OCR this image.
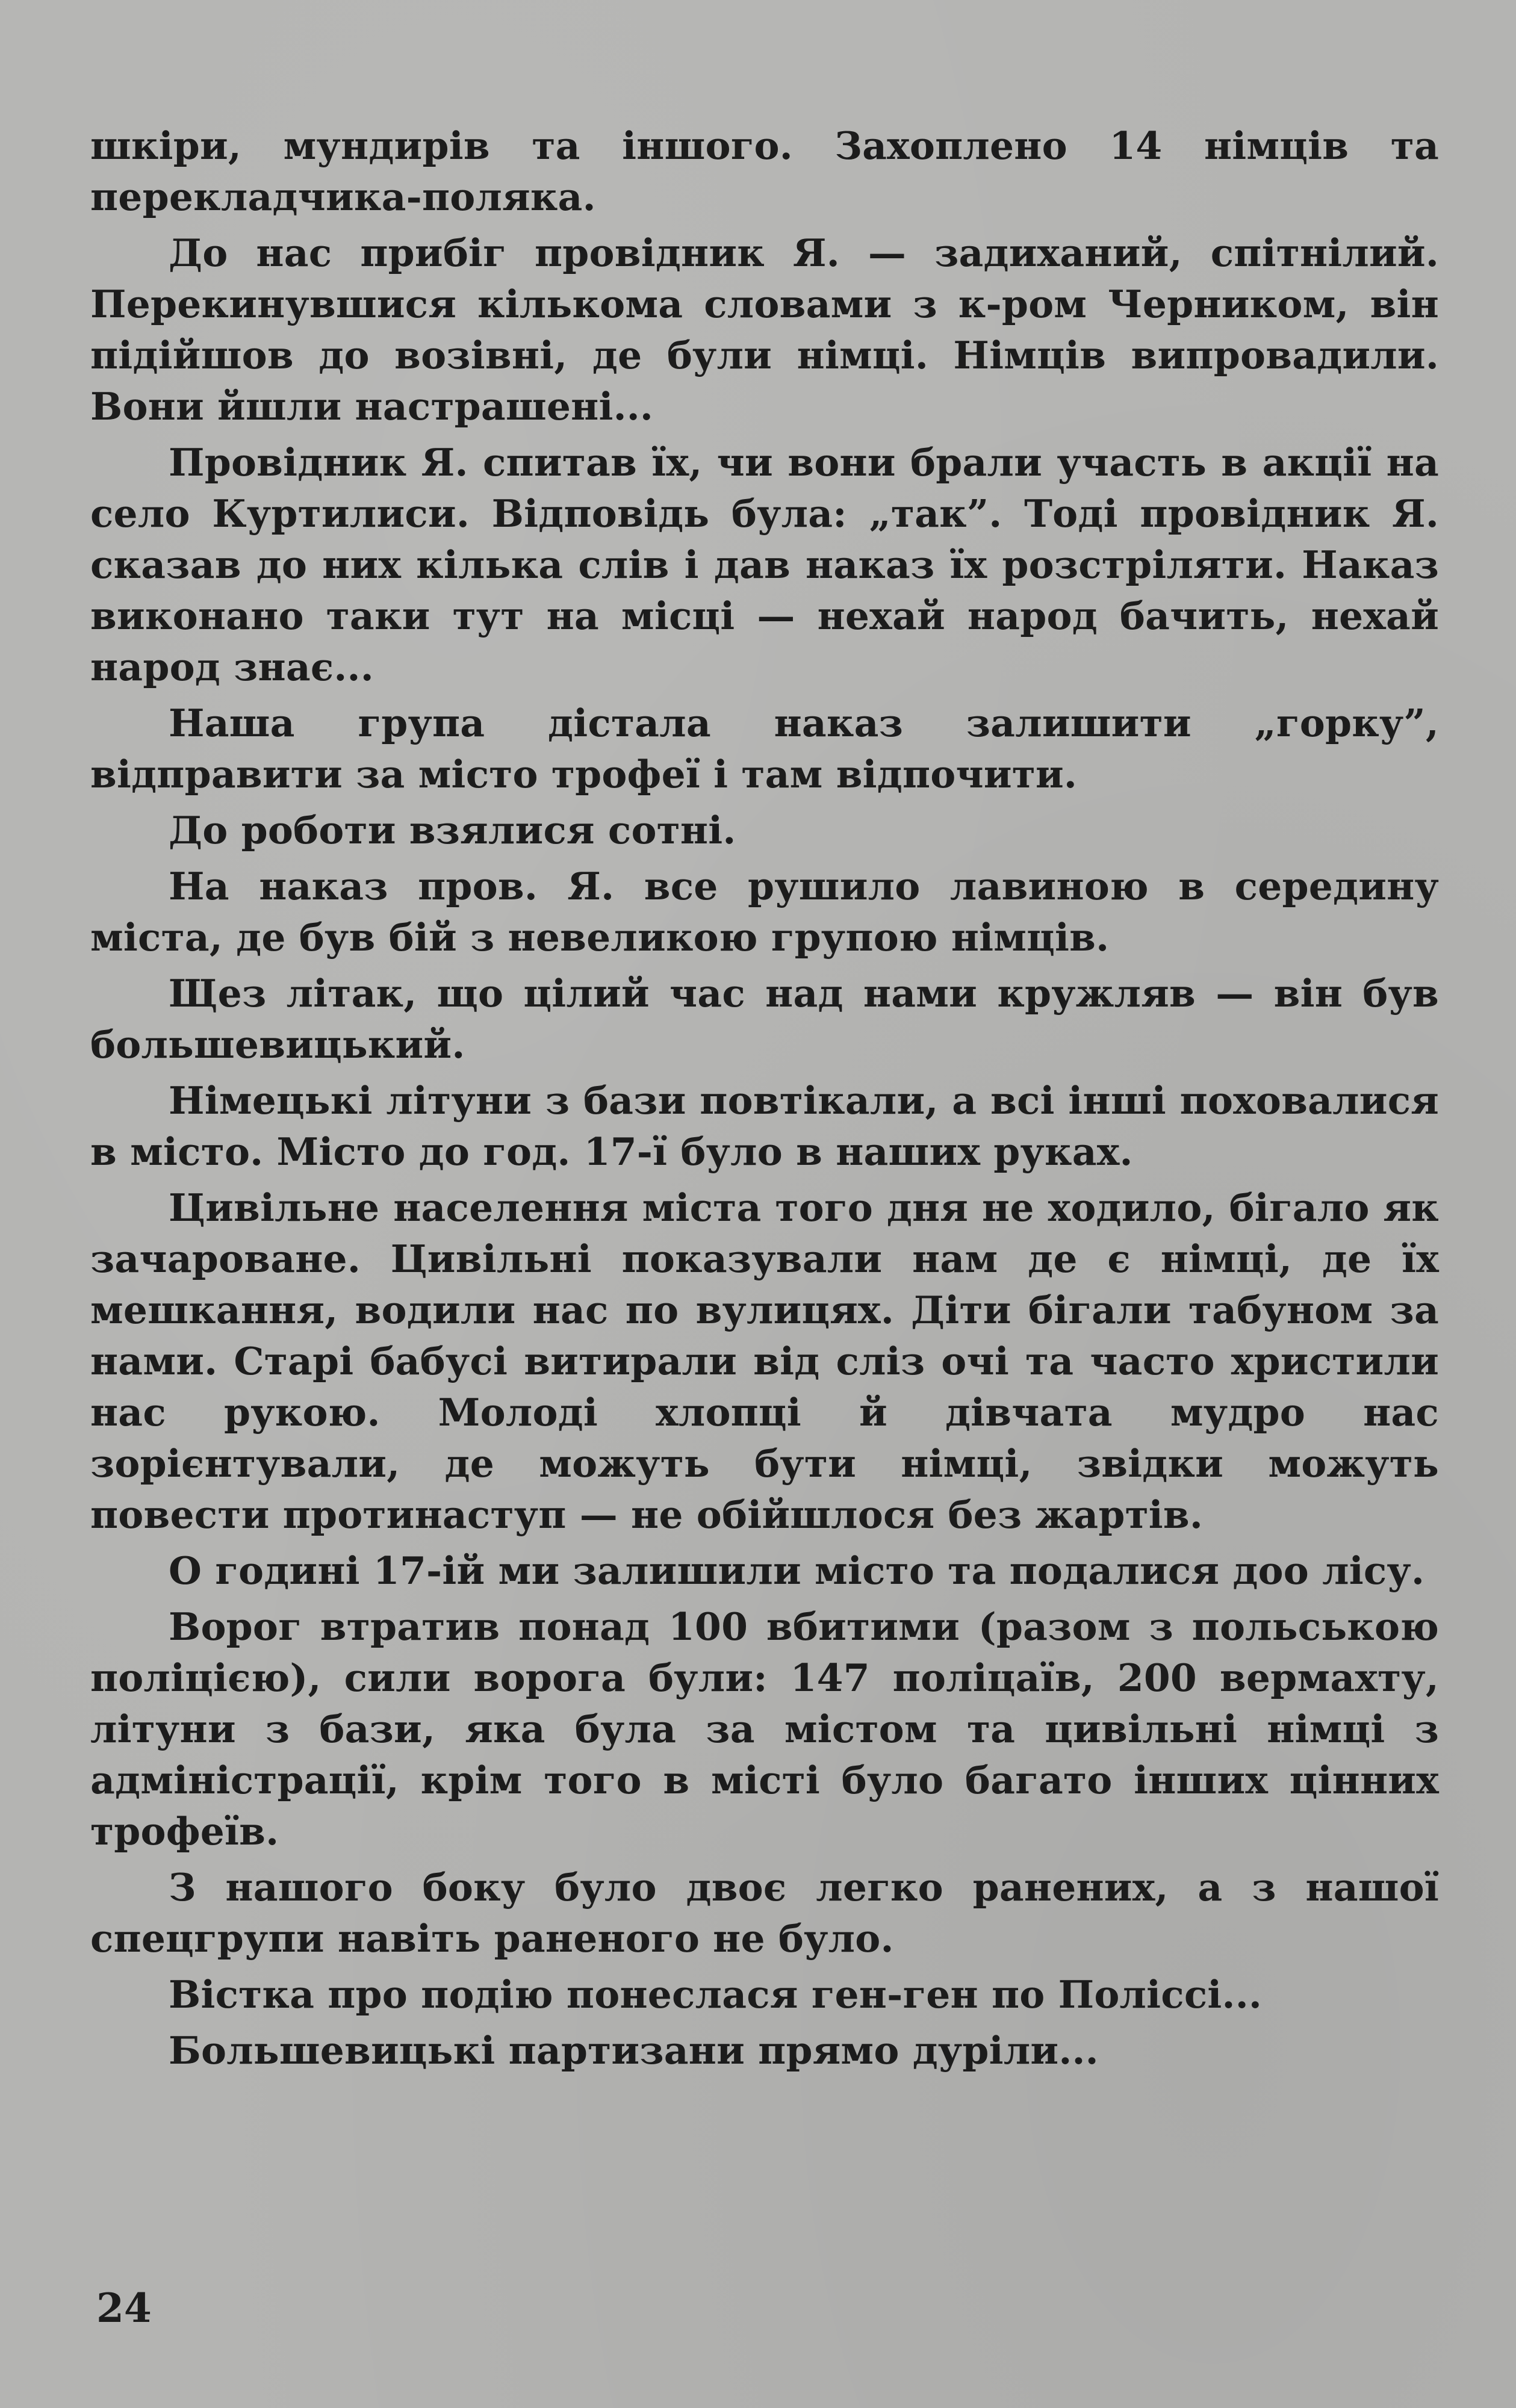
шкіри, мундирів та іншого. Захоплено 14 німців та перекладчика-поляка.

До нас прибіг провідник Я. — задиханий, спітнілий. Перекинувшися кількома словами з к-ром Черником, він підійшов до возівні, де були німці. Німців випровадили. Вони йшли настрашені...

Провідник Я. спитав їх, чи вони брали участь в акції на село Куртилиси. Відповідь була: „так”. Тоді провідник Я. сказав до них кілька слів і дав наказ їх розстріляти. Наказ виконано таки тут на місці — нехай народ бачить, нехай народ знає...

Наша група дістала наказ залишити „горку”, відправити за місто трофеї і там відпочити.

До роботи взялися сотні.

На наказ пров. Я. все рушило лавиною в середину міста, де був бій з невеликою групою німців.

Щез літак, що цілий час над нами кружляв — він був большевицький.

Німецькі літуни з бази повтікали, а всі інші поховалися в місто. Місто до год. 17-ї було в наших руках.

Цивільне населення міста того дня не ходило, бігало як зачароване. Цивільні показували нам де є німці, де їх мешкання, водили нас по вулицях. Діти бігали табуном за нами. Старі бабусі витирали від сліз очі та часто христили нас рукою. Молоді хлопці й дівчата мудро нас зорієнтували, де можуть бути німці, звідки можуть повести протинаступ — не обійшлося без жартів.

О годині 17-ій ми залишили місто та подалися доо лісу.

Ворог втратив понад 100 вбитими (разом з польською поліцією), сили ворога були: 147 поліцаїв, 200 вермахту, літуни з бази, яка була за містом та цивільні німці з адміністрації, крім того в місті було багато інших цінних трофеїв.

З нашого боку було двоє легко ранених, а з нашої спецгрупи навіть раненого не було.

Вістка про подію понеслася ген-ген по Поліссі...

Большевицькі партизани прямо дуріли...

24
